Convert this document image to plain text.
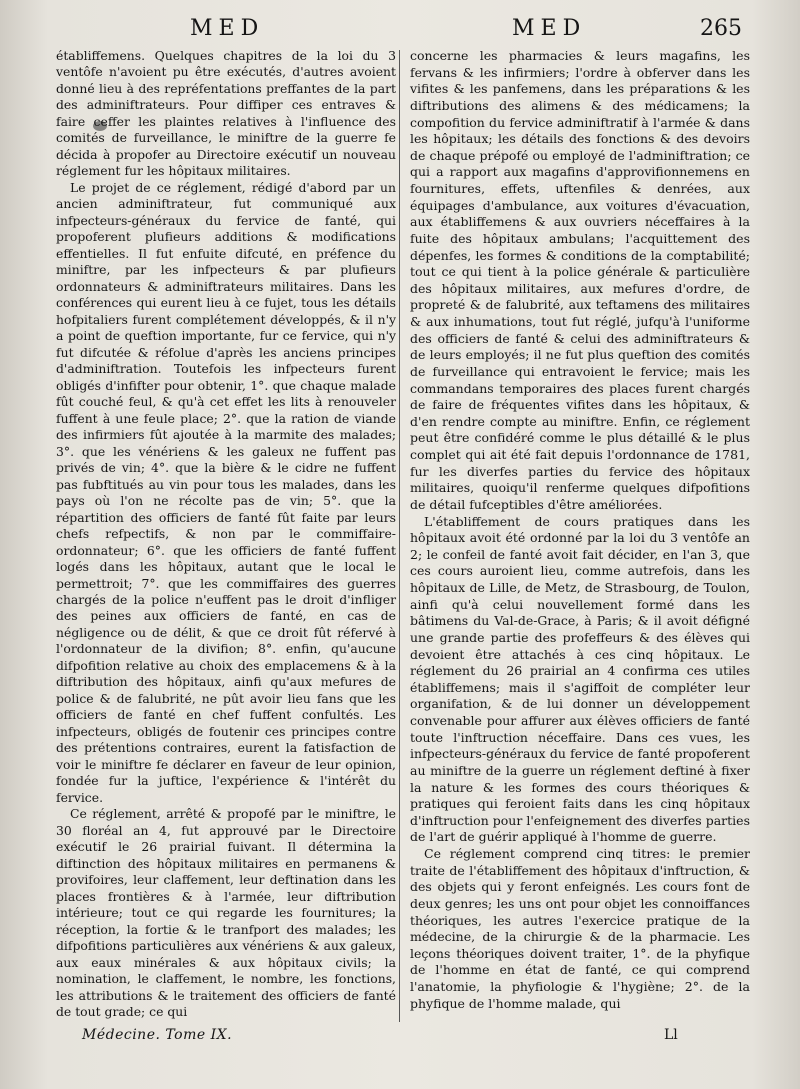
MED	MED	265

établiffemens. Quelques chapitres de la loi du 3 ventôfe n'avoient pu être exécutés, d'autres avoient donné lieu à des repréfentations preffantes de la part des adminiftrateurs. Pour diffiper ces entraves & faire ceffer les plaintes relatives à l'influence des comités de furveillance, le miniftre de la guerre fe décida à propofer au Directoire exécutif un nouveau réglement fur les hôpitaux militaires.

Le projet de ce réglement, rédigé d'abord par un ancien adminiftrateur, fut communiqué aux infpecteurs-généraux du fervice de fanté, qui propoferent plufieurs additions & modifications effentielles. Il fut enfuite difcuté, en préfence du miniftre, par les infpecteurs & par plufieurs ordonnateurs & adminiftrateurs militaires. Dans les conférences qui eurent lieu à ce fujet, tous les détails hofpitaliers furent complétement développés, & il n'y a point de queftion importante, fur ce fervice, qui n'y fut difcutée & réfolue d'après les anciens principes d'adminiftration. Toutefois les infpecteurs furent obligés d'infifter pour obtenir, 1°. que chaque malade fût couché feul, & qu'à cet effet les lits à renouveler fuffent à une feule place; 2°. que la ration de viande des infirmiers fût ajoutée à la marmite des malades; 3°. que les vénériens & les galeux ne fuffent pas privés de vin; 4°. que la bière & le cidre ne fuffent pas fubftitués au vin pour tous les malades, dans les pays où l'on ne récolte pas de vin; 5°. que la répartition des officiers de fanté fût faite par leurs chefs refpectifs, & non par le commiffaire-ordonnateur; 6°. que les officiers de fanté fuffent logés dans les hôpitaux, autant que le local le permettroit; 7°. que les commiffaires des guerres chargés de la police n'euffent pas le droit d'infliger des peines aux officiers de fanté, en cas de négligence ou de délit, & que ce droit fût réfervé à l'ordonnateur de la divifion; 8°. enfin, qu'aucune difpofition relative au choix des emplacemens & à la diftribution des hôpitaux, ainfi qu'aux mefures de police & de falubrité, ne pût avoir lieu fans que les officiers de fanté en chef fuffent confultés. Les infpecteurs, obligés de foutenir ces principes contre des prétentions contraires, eurent la fatisfaction de voir le miniftre fe déclarer en faveur de leur opinion, fondée fur la juftice, l'expérience & l'intérêt du fervice.

Ce réglement, arrêté & propofé par le miniftre, le 30 floréal an 4, fut approuvé par le Directoire exécutif le 26 prairial fuivant. Il détermina la diftinction des hôpitaux militaires en permanens & provifoires, leur claffement, leur deftination dans les places frontières & à l'armée, leur diftribution intérieure; tout ce qui regarde les fournitures; la réception, la fortie & le tranfport des malades; les difpofitions particulières aux vénériens & aux galeux, aux eaux minérales & aux hôpitaux civils; la nomination, le claffement, le nombre, les fonctions, les attributions & le traitement des officiers de fanté de tout grade; ce qui

concerne les pharmacies & leurs magafins, les fervans & les infirmiers; l'ordre à obferver dans les vifites & les panfemens, dans les préparations & les diftributions des alimens & des médicamens; la compofition du fervice adminiftratif à l'armée & dans les hôpitaux; les détails des fonctions & des devoirs de chaque prépofé ou employé de l'adminiftration; ce qui a rapport aux magafins d'approvifionnemens en fournitures, effets, uftenfiles & denrées, aux équipages d'ambulance, aux voitures d'évacuation, aux établiffemens & aux ouvriers néceffaires à la fuite des hôpitaux ambulans; l'acquittement des dépenfes, les formes & conditions de la comptabilité; tout ce qui tient à la police générale & particulière des hôpitaux militaires, aux mefures d'ordre, de propreté & de falubrité, aux teftamens des militaires & aux inhumations, tout fut réglé, jufqu'à l'uniforme des officiers de fanté & celui des adminiftrateurs & de leurs employés; il ne fut plus queftion des comités de furveillance qui entravoient le fervice; mais les commandans temporaires des places furent chargés de faire de fréquentes vifites dans les hôpitaux, & d'en rendre compte au miniftre. Enfin, ce réglement peut être confidéré comme le plus détaillé & le plus complet qui ait été fait depuis l'ordonnance de 1781, fur les diverfes parties du fervice des hôpitaux militaires, quoiqu'il renferme quelques difpofitions de détail fufceptibles d'être améliorées.

L'établiffement de cours pratiques dans les hôpitaux avoit été ordonné par la loi du 3 ventôfe an 2; le confeil de fanté avoit fait décider, en l'an 3, que ces cours auroient lieu, comme autrefois, dans les hôpitaux de Lille, de Metz, de Strasbourg, de Toulon, ainfi qu'à celui nouvellement formé dans les bâtimens du Val-de-Grace, à Paris; & il avoit défigné une grande partie des profeffeurs & des élèves qui devoient être attachés à ces cinq hôpitaux. Le réglement du 26 prairial an 4 confirma ces utiles établiffemens; mais il s'agiffoit de compléter leur organifation, & de lui donner un développement convenable pour affurer aux élèves officiers de fanté toute l'inftruction néceffaire. Dans ces vues, les infpecteurs-généraux du fervice de fanté propoferent au miniftre de la guerre un réglement deftiné à fixer la nature & les formes des cours théoriques & pratiques qui feroient faits dans les cinq hôpitaux d'inftruction pour l'enfeignement des diverfes parties de l'art de guérir appliqué à l'homme de guerre.

Ce réglement comprend cinq titres: le premier traite de l'établiffement des hôpitaux d'inftruction, & des objets qui y feront enfeignés. Les cours font de deux genres; les uns ont pour objet les connoiffances théoriques, les autres l'exercice pratique de la médecine, de la chirurgie & de la pharmacie. Les leçons théoriques doivent traiter, 1°. de la phyfique de l'homme en état de fanté, ce qui comprend l'anatomie, la phyfiologie & l'hygiène; 2°. de la phyfique de l'homme malade, qui

Médecine. Tome IX.	Ll
